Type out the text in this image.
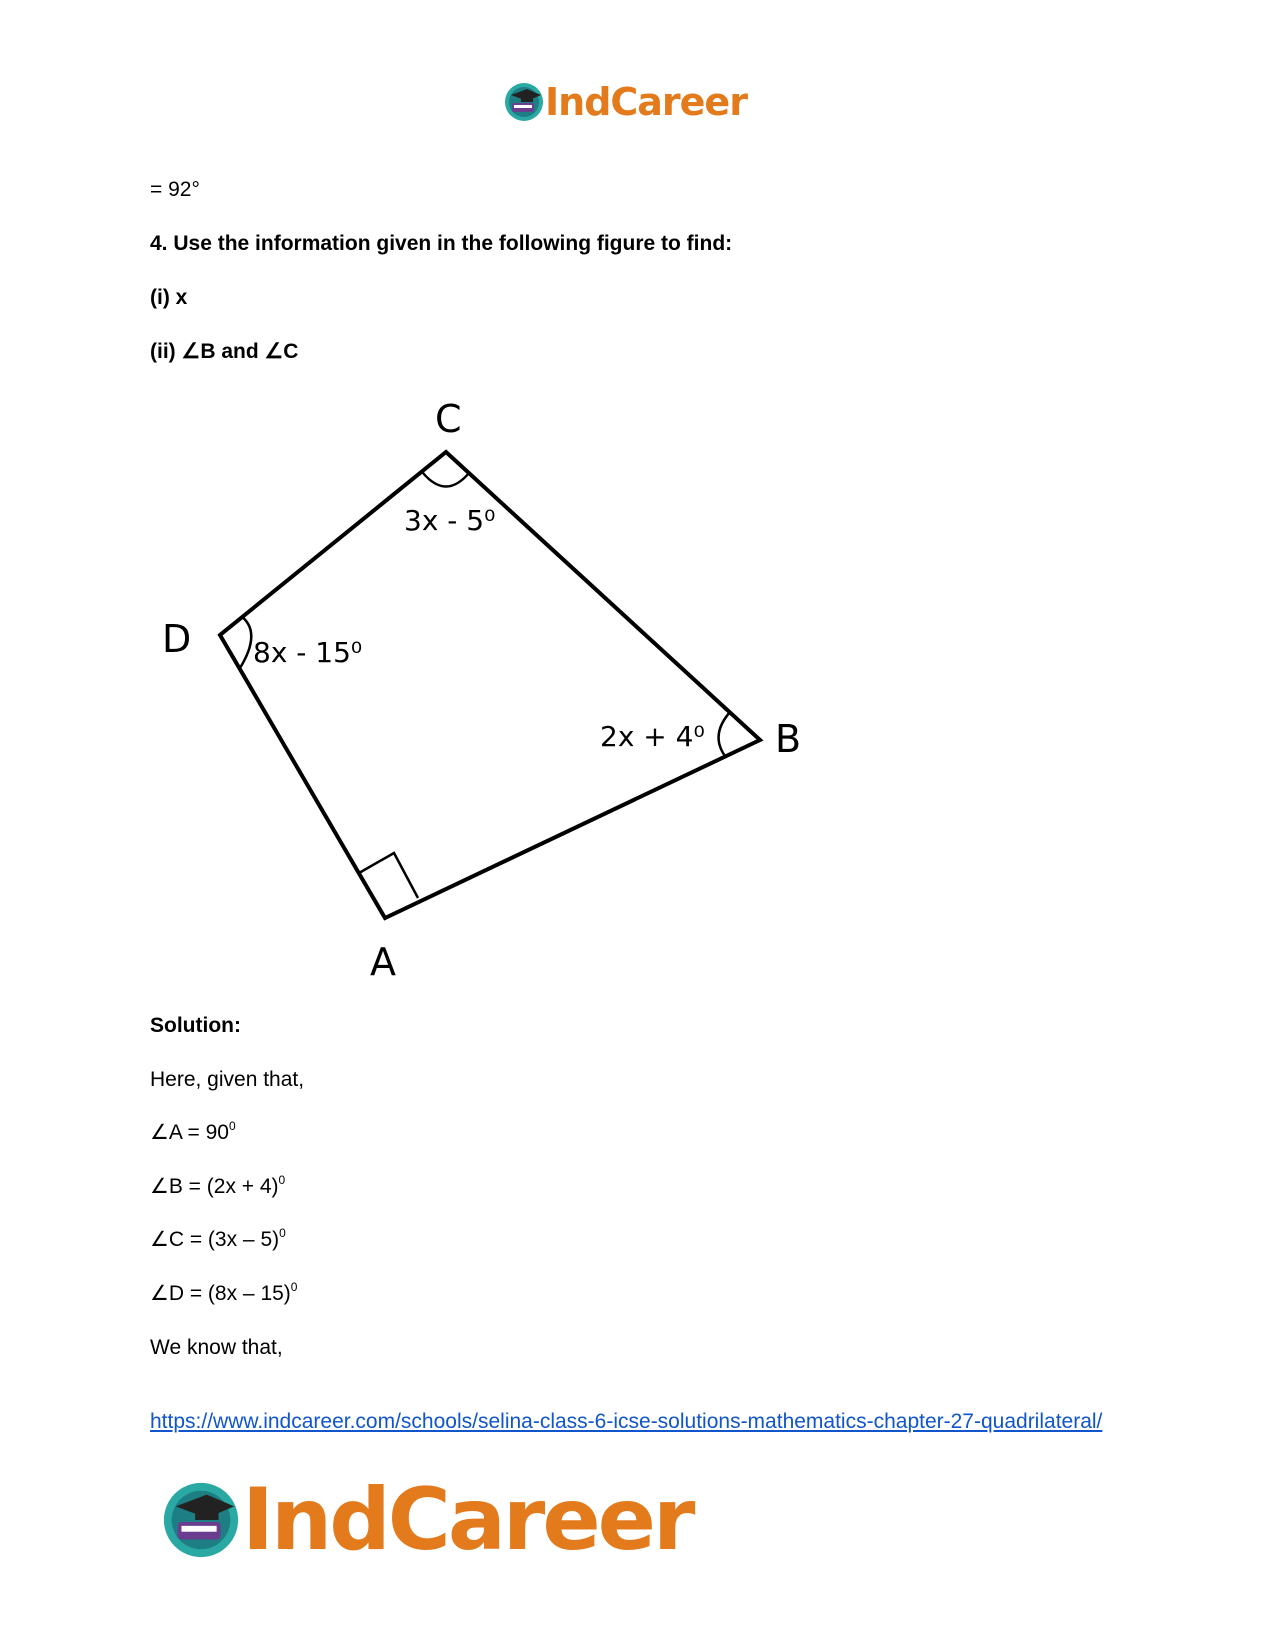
IndCareer
= 92°
4. Use the information given in the following figure to find:
(i) x
(ii) ∠B and ∠C
C
D
B
A
3x - 5⁰
8x - 15⁰
2x + 4⁰
Solution:
Here, given that,
∠A = $90^0$
∠B = $(2x + 4)^0$
∠C = (3x – 5)$^0$
∠D = (8x – 15)$^0$
We know that,
https://www.indcareer.com/schools/selina-class-6-icse-solutions-mathematics-chapter-27-quadrilateral/
IndCareer
